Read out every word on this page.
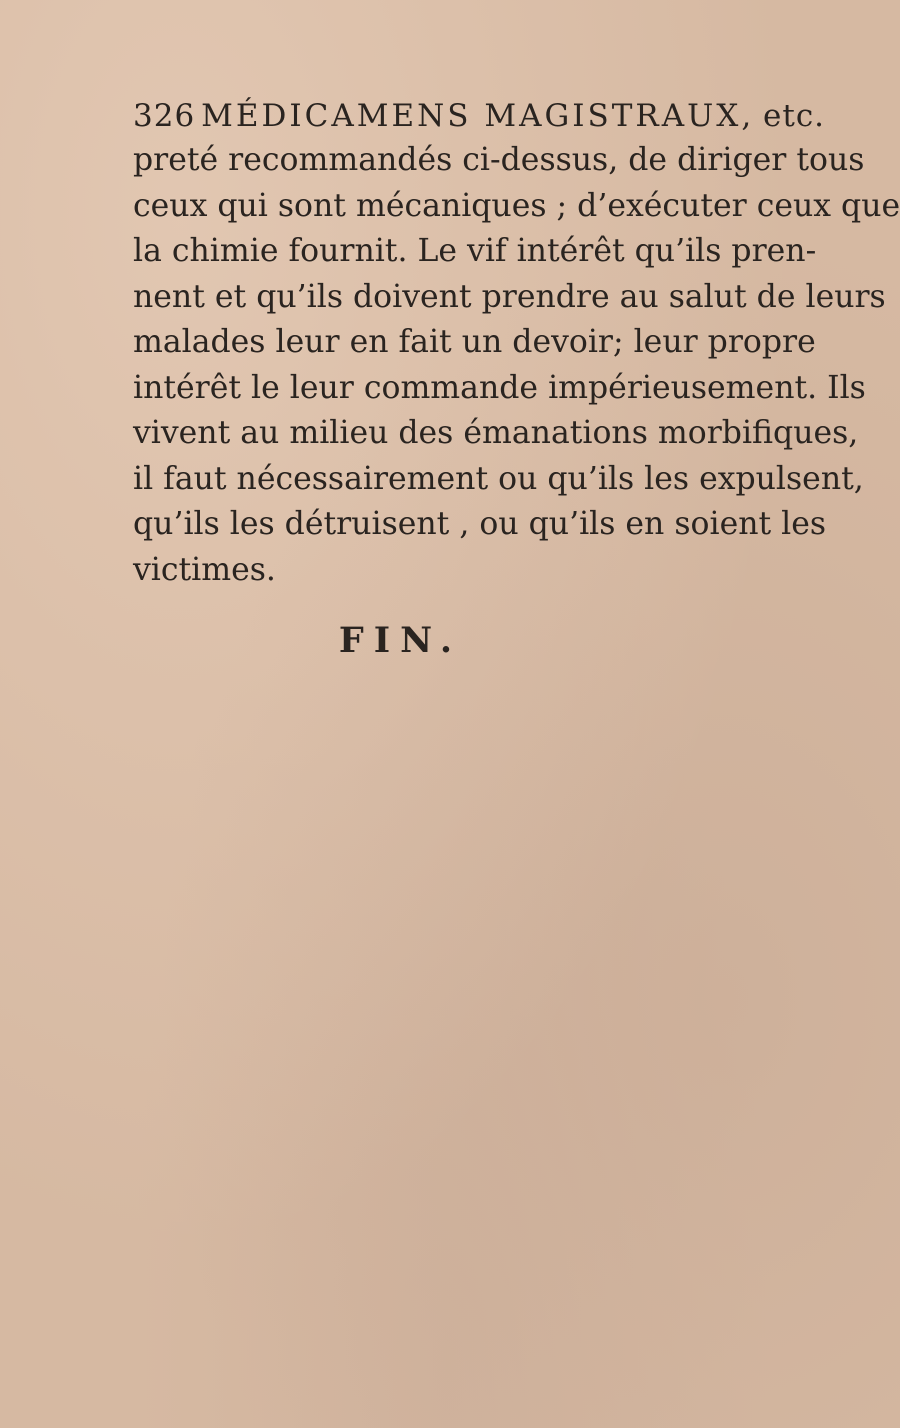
326 MÉDICAMENS MAGISTRAUX, etc.
preté recommandés ci-dessus, de diriger tous
ceux qui sont mécaniques ; d’exécuter ceux que
la chimie fournit. Le vif intérêt qu’ils pren-
nent et qu’ils doivent prendre au salut de leurs
malades leur en fait un devoir; leur propre
intérêt le leur commande impérieusement. Ils
vivent au milieu des émanations morbifiques,
il faut nécessairement ou qu’ils les expulsent,
qu’ils les détruisent , ou qu’ils en soient les
victimes.
FIN.
